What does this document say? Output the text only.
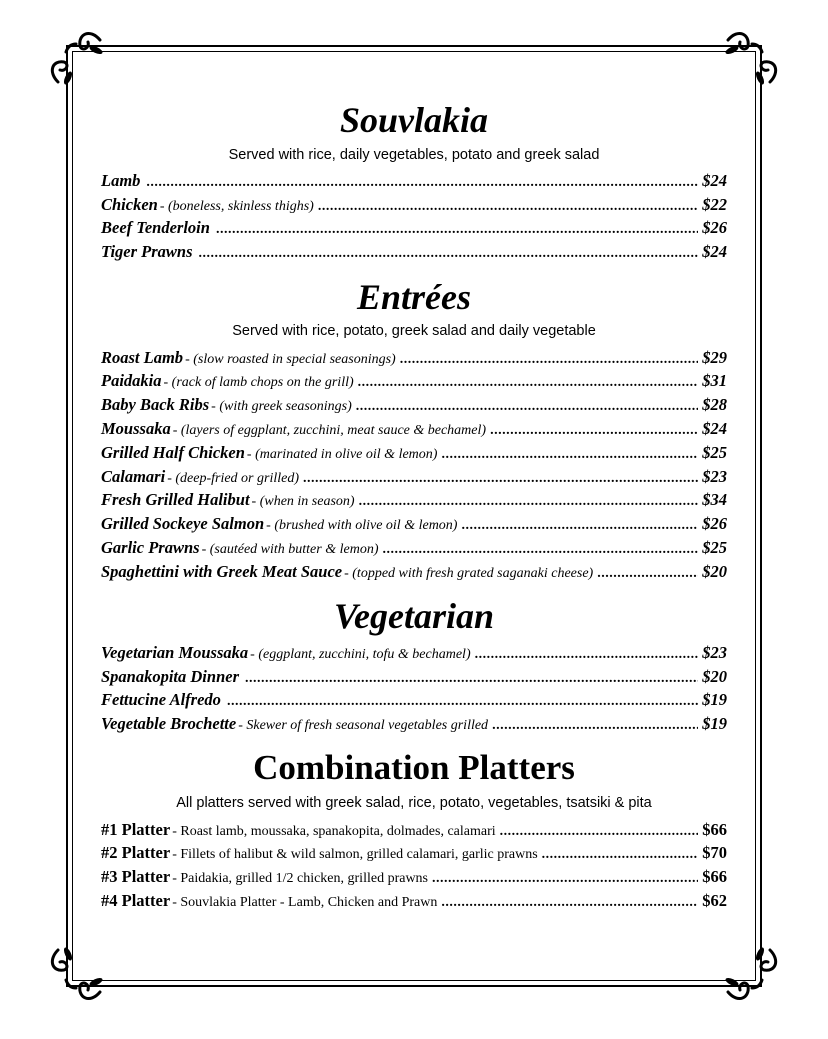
Souvlakia
Served with rice, daily vegetables, potato and greek salad
Lamb .....	$24
Chicken - (boneless, skinless thighs) .....	$22
Beef Tenderloin .....	$26
Tiger Prawns .....	$24
Entrées
Served with rice, potato, greek salad and daily vegetable
Roast Lamb - (slow roasted in special seasonings) .....	$29
Paidakia - (rack of lamb chops on the grill) .....	$31
Baby Back Ribs - (with greek seasonings) .....	$28
Moussaka - (layers of eggplant, zucchini, meat sauce & bechamel) .....	$24
Grilled Half Chicken - (marinated in olive oil & lemon) .....	$25
Calamari - (deep-fried or grilled) .....	$23
Fresh Grilled Halibut - (when in season) .....	$34
Grilled Sockeye Salmon - (brushed with olive oil & lemon) .....	$26
Garlic Prawns - (sautéed with butter & lemon) .....	$25
Spaghettini with Greek Meat Sauce - (topped with fresh grated saganaki cheese) .....	$20
Vegetarian
Vegetarian Moussaka - (eggplant, zucchini, tofu & bechamel) .....	$23
Spanakopita Dinner .....	$20
Fettucine Alfredo .....	$19
Vegetable Brochette - Skewer of fresh seasonal vegetables grilled .....	$19
Combination Platters
All platters served with greek salad, rice, potato, vegetables, tsatsiki & pita
#1 Platter - Roast lamb, moussaka, spanakopita, dolmades, calamari .....	$66
#2 Platter - Fillets of halibut & wild salmon, grilled calamari, garlic prawns .....	$70
#3 Platter - Paidakia, grilled 1/2 chicken, grilled prawns .....	$66
#4 Platter - Souvlakia Platter - Lamb, Chicken and Prawn .....	$62
